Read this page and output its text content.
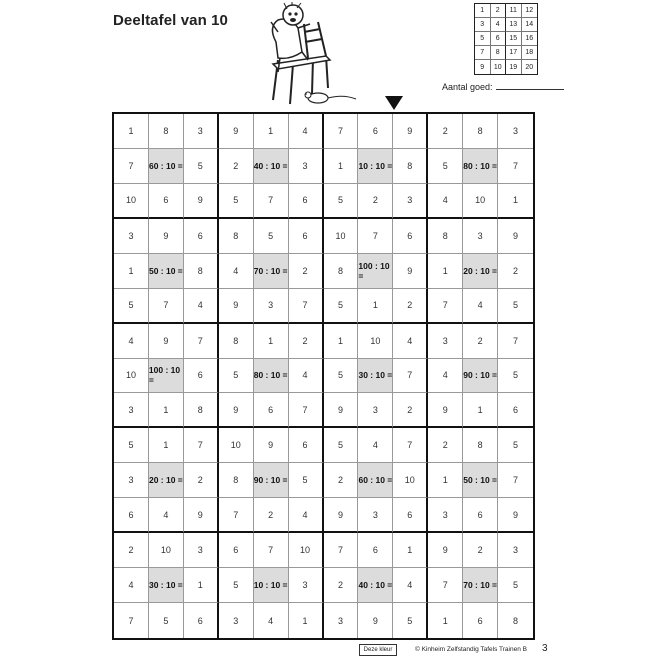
Deeltafel van 10
1	2	11	12
3	4	13	14
5	6	15	16
7	8	17	18
9	10	19	20
Aantal goed:
1	8	3	9	1	4	7	6	9	2	8	3
7	60 : 10 =	5	2	40 : 10 =	3	1	10 : 10 =	8	5	80 : 10 =	7
10	6	9	5	7	6	5	2	3	4	10	1
3	9	6	8	5	6	10	7	6	8	3	9
1	50 : 10 =	8	4	70 : 10 =	2	8	100 : 10 =	9	1	20 : 10 =	2
5	7	4	9	3	7	5	1	2	7	4	5
4	9	7	8	1	2	1	10	4	3	2	7
10	100 : 10 =	6	5	80 : 10 =	4	5	30 : 10 =	7	4	90 : 10 =	5
3	1	8	9	6	7	9	3	2	9	1	6
5	1	7	10	9	6	5	4	7	2	8	5
3	20 : 10 =	2	8	90 : 10 =	5	2	60 : 10 =	10	1	50 : 10 =	7
6	4	9	7	2	4	9	3	6	3	6	9
2	10	3	6	7	10	7	6	1	9	2	3
4	30 : 10 =	1	5	10 : 10 =	3	2	40 : 10 =	4	7	70 : 10 =	5
7	5	6	3	4	1	3	9	5	1	6	8
Deze kleur	© Kinheim Zelfstandig Tafels Trainen B 3
